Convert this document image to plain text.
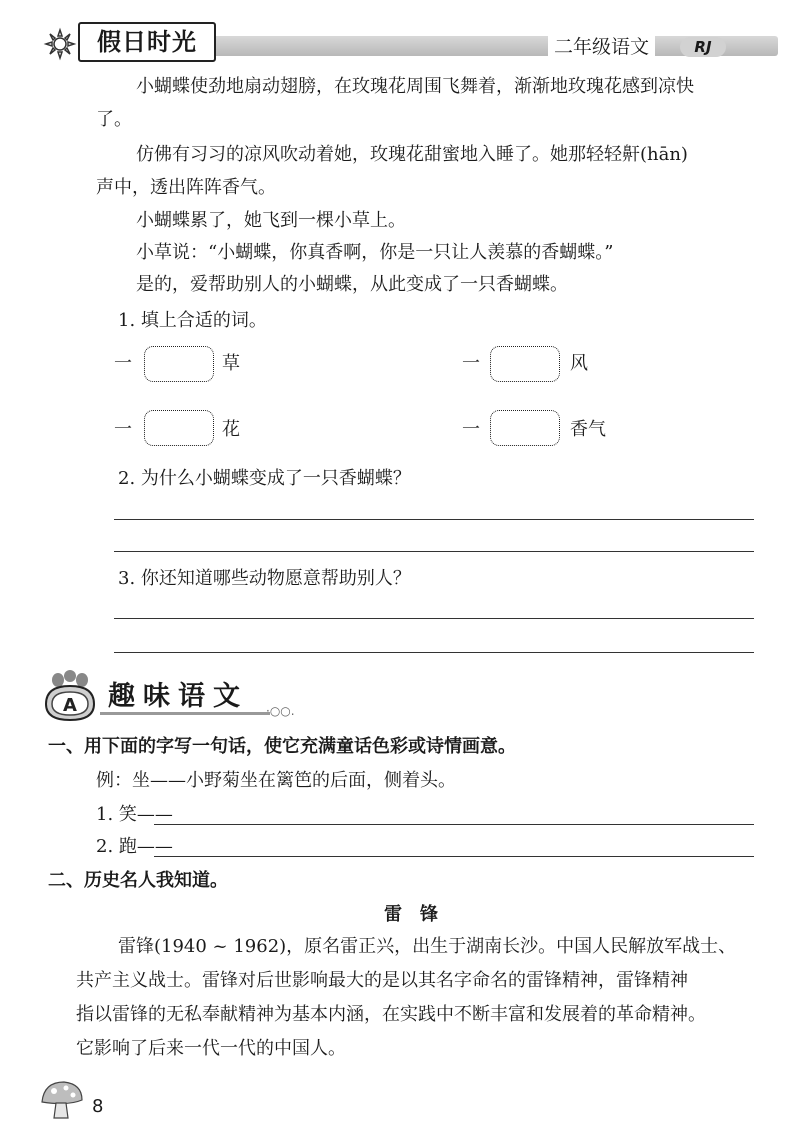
假日时光	二年级语文	RJ
小蝴蝶使劲地扇动翅膀，在玫瑰花周围飞舞着，渐渐地玫瑰花感到凉快
了。
仿佛有习习的凉风吹动着她，玫瑰花甜蜜地入睡了。她那轻轻鼾(hān)
声中，透出阵阵香气。
小蝴蝶累了，她飞到一棵小草上。
小草说：“小蝴蝶，你真香啊，你是一只让人羡慕的香蝴蝶。”
是的，爱帮助别人的小蝴蝶，从此变成了一只香蝴蝶。
1. 填上合适的词。
一	草	一	风
一	花	一	香气
2. 为什么小蝴蝶变成了一只香蝴蝶？
3. 你还知道哪些动物愿意帮助别人？
A 趣味语文 ·○○.
一、用下面的字写一句话，使它充满童话色彩或诗情画意。
例：坐——小野菊坐在篱笆的后面，侧着头。
1. 笑——
2. 跑——
二、历史名人我知道。
雷　锋
雷锋(1940 ~ 1962)，原名雷正兴，出生于湖南长沙。中国人民解放军战士、
共产主义战士。雷锋对后世影响最大的是以其名字命名的雷锋精神，雷锋精神
指以雷锋的无私奉献精神为基本内涵，在实践中不断丰富和发展着的革命精神。
它影响了后来一代一代的中国人。
8
